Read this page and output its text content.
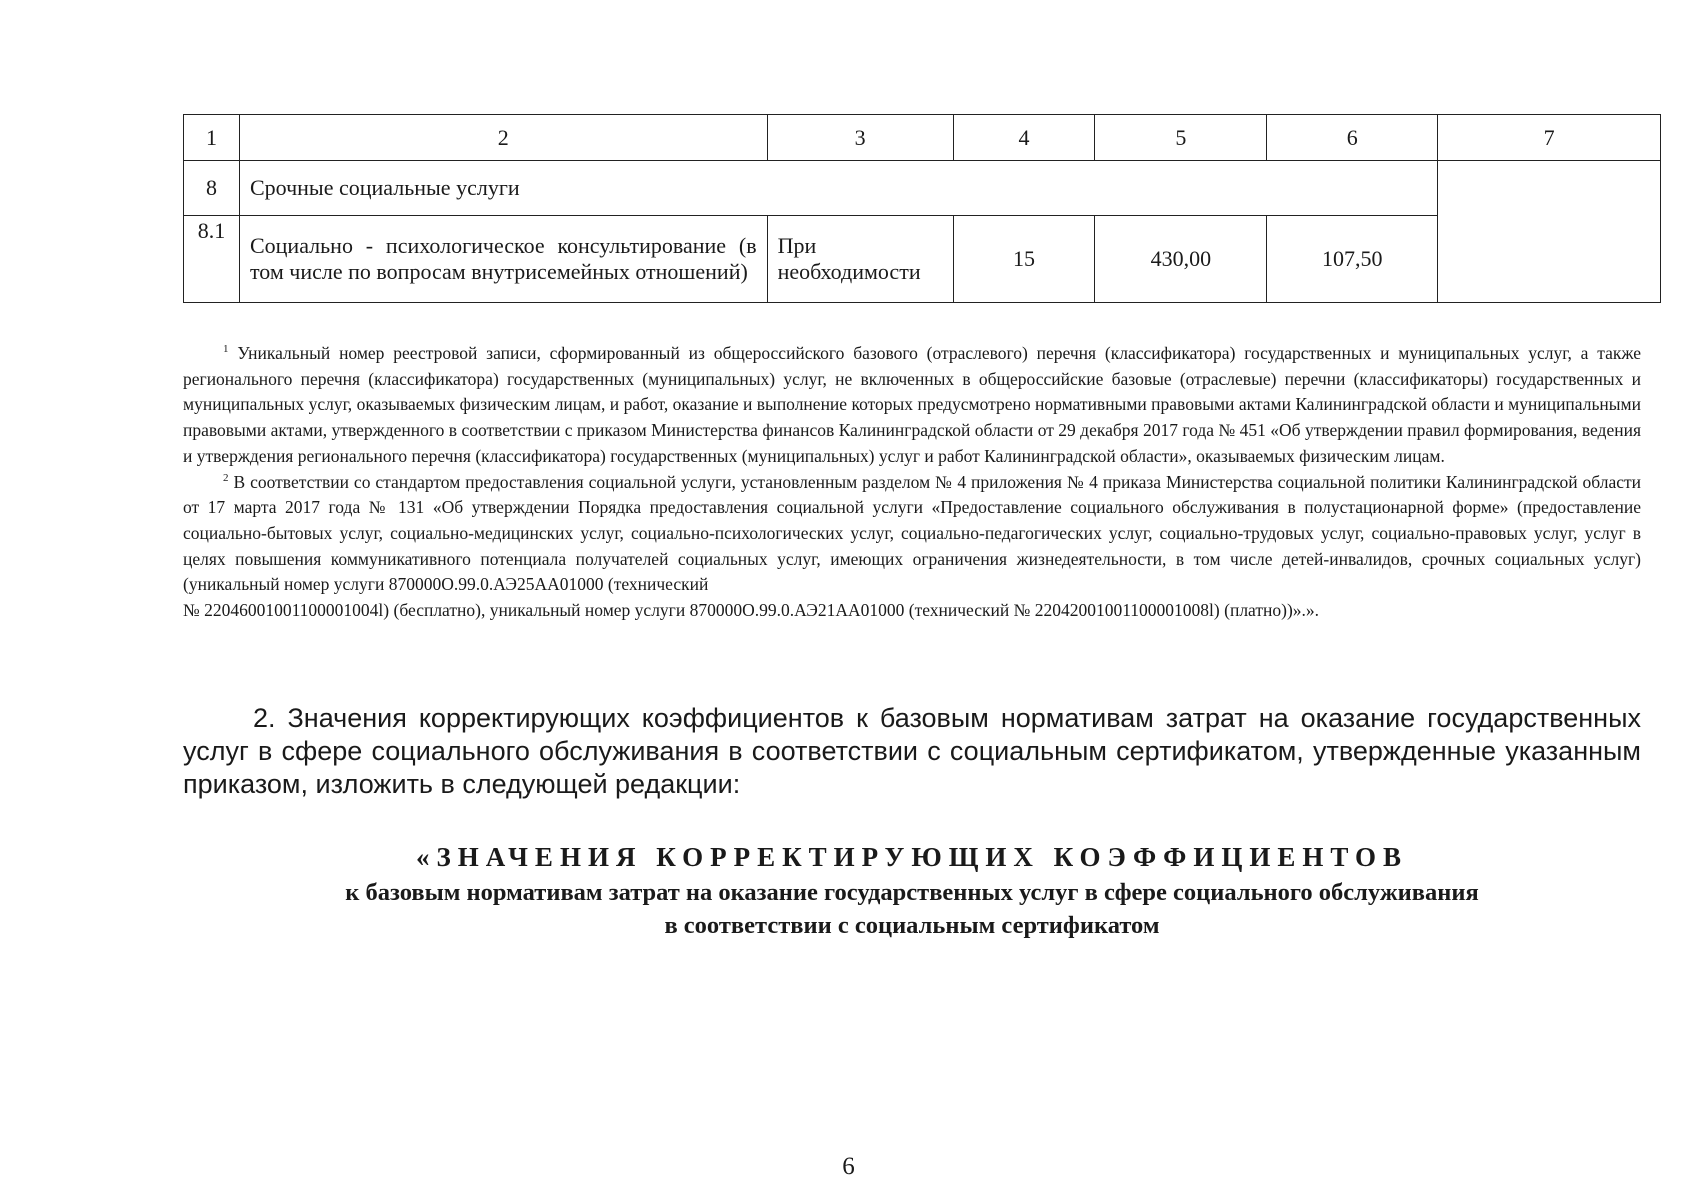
1	2	3	4	5	6	7
8	Срочные социальные услуги					
8.1	Социально - психологическое консультирование (в том числе по вопросам внутрисемейных отношений)	При необходимости	15	430,00	107,50	

$^1$ Уникальный номер реестровой записи, сформированный из общероссийского базового (отраслевого) перечня (классификатора) государственных и муниципальных услуг, а также регионального перечня (классификатора) государственных (муниципальных) услуг, не включенных в общероссийские базовые (отраслевые) перечни (классификаторы) государственных и муниципальных услуг, оказываемых физическим лицам, и работ, оказание и выполнение которых предусмотрено нормативными правовыми актами Калининградской области и муниципальными правовыми актами, утвержденного в соответствии с приказом Министерства финансов Калининградской области от 29 декабря 2017 года № 451 «Об утверждении правил формирования, ведения и утверждения регионального перечня (классификатора) государственных (муниципальных) услуг и работ Калининградской области», оказываемых физическим лицам.

$^2$ В соответствии со стандартом предоставления социальной услуги, установленным разделом № 4 приложения № 4 приказа Министерства социальной политики Калининградской области от 17 марта 2017 года № 131 «Об утверждении Порядка предоставления социальной услуги «Предоставление социального обслуживания в полустационарной форме» (предоставление социально-бытовых услуг, социально-медицинских услуг, социально-психологических услуг, социально-педагогических услуг, социально-трудовых услуг, социально-правовых услуг, услуг в целях повышения коммуникативного потенциала получателей социальных услуг, имеющих ограничения жизнедеятельности, в том числе детей-инвалидов, срочных социальных услуг) (уникальный номер услуги 870000О.99.0.АЭ25АА01000 (технический

№ 22046001001100001004l) (бесплатно), уникальный номер услуги 870000О.99.0.АЭ21АА01000 (технический № 22042001001100001008l) (платно))».».

2. Значения корректирующих коэффициентов к базовым нормативам затрат на оказание государственных услуг в сфере социального обслуживания в соответствии с социальным сертификатом, утвержденные указанным приказом, изложить в следующей редакции:

«ЗНАЧЕНИЯ КОРРЕКТИРУЮЩИХ КОЭФФИЦИЕНТОВ
к базовым нормативам затрат на оказание государственных услуг в сфере социального обслуживания
в соответствии с социальным сертификатом
6
